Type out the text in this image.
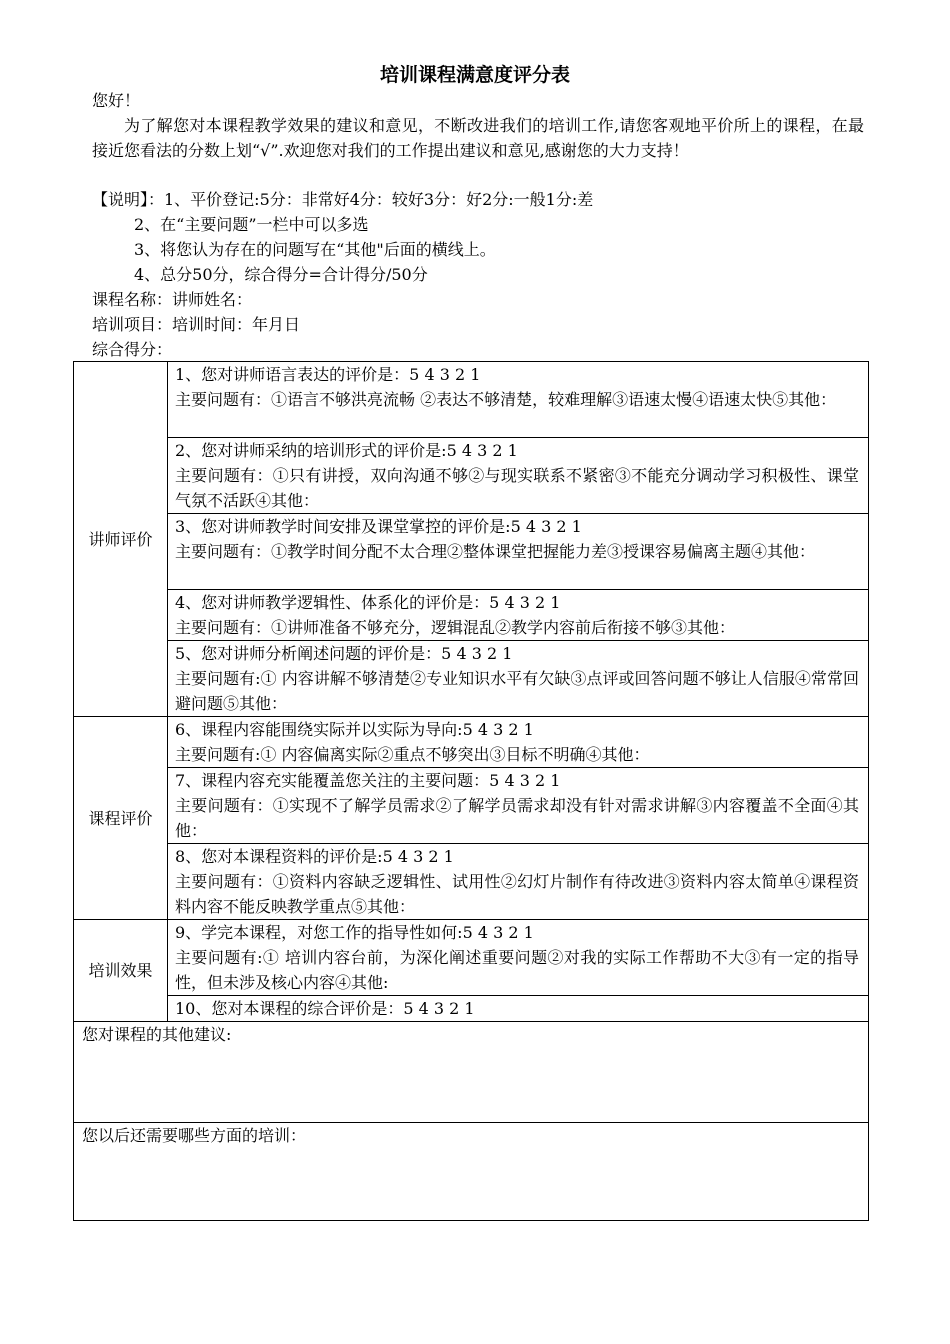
培训课程满意度评分表
您好！
为了解您对本课程教学效果的建议和意见，不断改进我们的培训工作,请您客观地平价所上的课程，在最接近您看法的分数上划“√”.欢迎您对我们的工作提出建议和意见,感谢您的大力支持！
【说明】：1、平价登记:5分：非常好4分：较好3分：好2分:一般1分:差
2、在“主要问题”一栏中可以多选
3、将您认为存在的问题写在“其他"后面的横线上。
4、总分50分，综合得分=合计得分/50分
课程名称：讲师姓名：
培训项目：培训时间：年月日
综合得分：
讲师评价	1、您对讲师语言表达的评价是：5 4 3 2 1
主要问题有：①语言不够洪亮流畅 ②表达不够清楚，较难理解③语速太慢④语速太快⑤其他：

	2、您对讲师采纳的培训形式的评价是:5 4 3 2 1
主要问题有：①只有讲授，双向沟通不够②与现实联系不紧密③不能充分调动学习积极性、课堂气氛不活跃④其他：

	3、您对讲师教学时间安排及课堂掌控的评价是:5 4 3 2 1
主要问题有：①教学时间分配不太合理②整体课堂把握能力差③授课容易偏离主题④其他：

	4、您对讲师教学逻辑性、体系化的评价是：5 4 3 2 1
主要问题有：①讲师准备不够充分，逻辑混乱②教学内容前后衔接不够③其他：

	5、您对讲师分析阐述问题的评价是：5 4 3 2 1
主要问题有:① 内容讲解不够清楚②专业知识水平有欠缺③点评或回答问题不够让人信服④常常回避问题⑤其他：

课程评价	6、课程内容能围绕实际并以实际为导向:5 4 3 2 1
主要问题有:① 内容偏离实际②重点不够突出③目标不明确④其他：

	7、课程内容充实能覆盖您关注的主要问题：5 4 3 2 1
主要问题有：①实现不了解学员需求②了解学员需求却没有针对需求讲解③内容覆盖不全面④其他：

	8、您对本课程资料的评价是:5 4 3 2 1
主要问题有：①资料内容缺乏逻辑性、试用性②幻灯片制作有待改进③资料内容太简单④课程资料内容不能反映教学重点⑤其他：

培训效果	9、学完本课程，对您工作的指导性如何:5 4 3 2 1
主要问题有:① 培训内容台前，为深化阐述重要问题②对我的实际工作帮助不大③有一定的指导性，但未涉及核心内容④其他:

	10、您对本课程的综合评价是：5 4 3 2 1

您对课程的其他建议:	

您以后还需要哪些方面的培训：	
